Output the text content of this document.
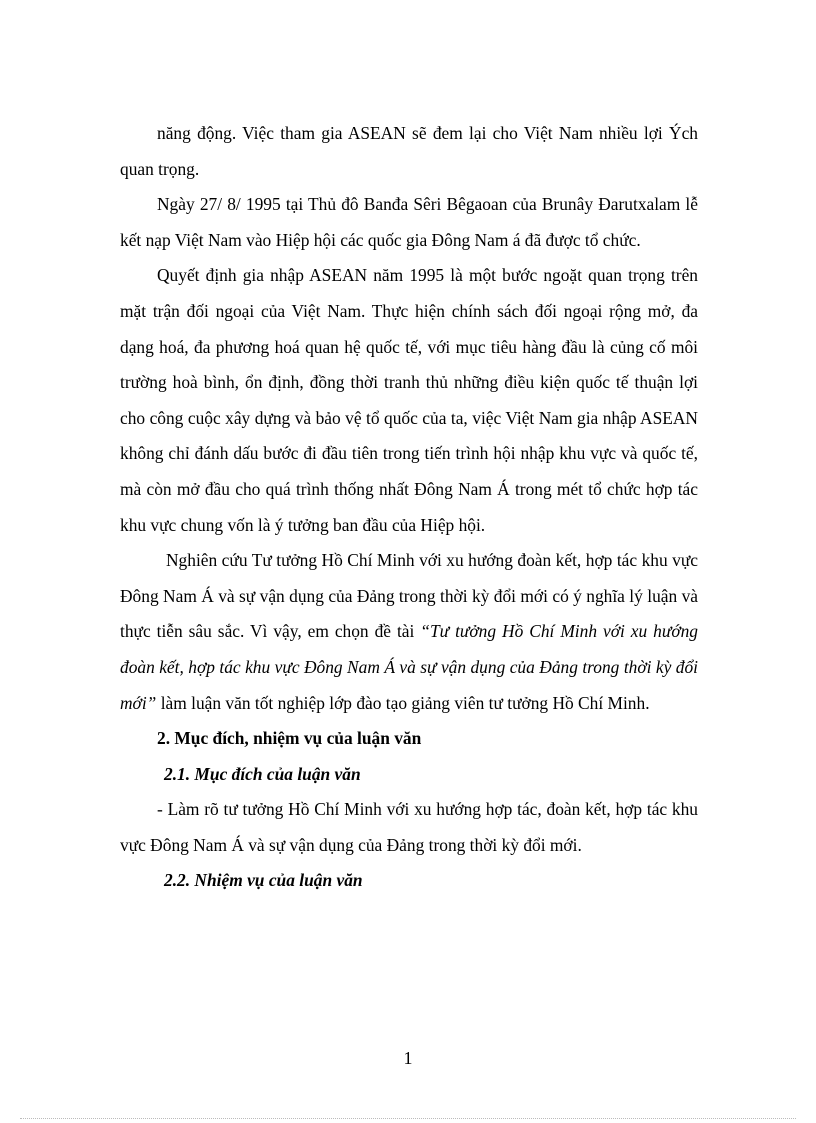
năng động. Việc tham gia ASEAN sẽ đem lại cho Việt Nam nhiều lợi Ých quan trọng.

Ngày 27/ 8/ 1995 tại Thủ đô Banđa Sêri Bêgaoan của Brunây Đarutxalam lễ kết nạp Việt Nam vào Hiệp hội các quốc gia Đông Nam á đã được tổ chức.

Quyết định gia nhập ASEAN năm 1995 là một bước ngoặt quan trọng trên mặt trận đối ngoại của Việt Nam. Thực hiện chính sách đối ngoại rộng mở, đa dạng hoá, đa phương hoá quan hệ quốc tế, với mục tiêu hàng đầu là củng cố môi trường hoà bình, ổn định, đồng thời tranh thủ những điều kiện quốc tế thuận lợi cho công cuộc xây dựng và bảo vệ tổ quốc của ta, việc Việt Nam gia nhập ASEAN không chỉ đánh dấu bước đi đầu tiên trong tiến trình hội nhập khu vực và quốc tế, mà còn mở đầu cho quá trình thống nhất Đông Nam Á trong mét tổ chức hợp tác khu vực chung vốn là ý tưởng ban đầu của Hiệp hội.

Nghiên cứu Tư tưởng Hồ Chí Minh với xu hướng đoàn kết, hợp tác khu vực Đông Nam Á và sự vận dụng của Đảng trong thời kỳ đổi mới có ý nghĩa lý luận và thực tiễn sâu sắc. Vì vậy, em chọn đề tài “Tư tưởng Hồ Chí Minh với xu hướng đoàn kết, hợp tác khu vực Đông Nam Á và sự vận dụng của Đảng trong thời kỳ đổi mới” làm luận văn tốt nghiệp lớp đào tạo giảng viên tư tưởng Hồ Chí Minh.

2. Mục đích, nhiệm vụ của luận văn

2.1. Mục đích của luận văn

- Làm rõ tư tưởng Hồ Chí Minh với xu hướng hợp tác, đoàn kết, hợp tác khu vực Đông Nam Á và sự vận dụng của Đảng trong thời kỳ đổi mới.

2.2. Nhiệm vụ của luận văn

1
